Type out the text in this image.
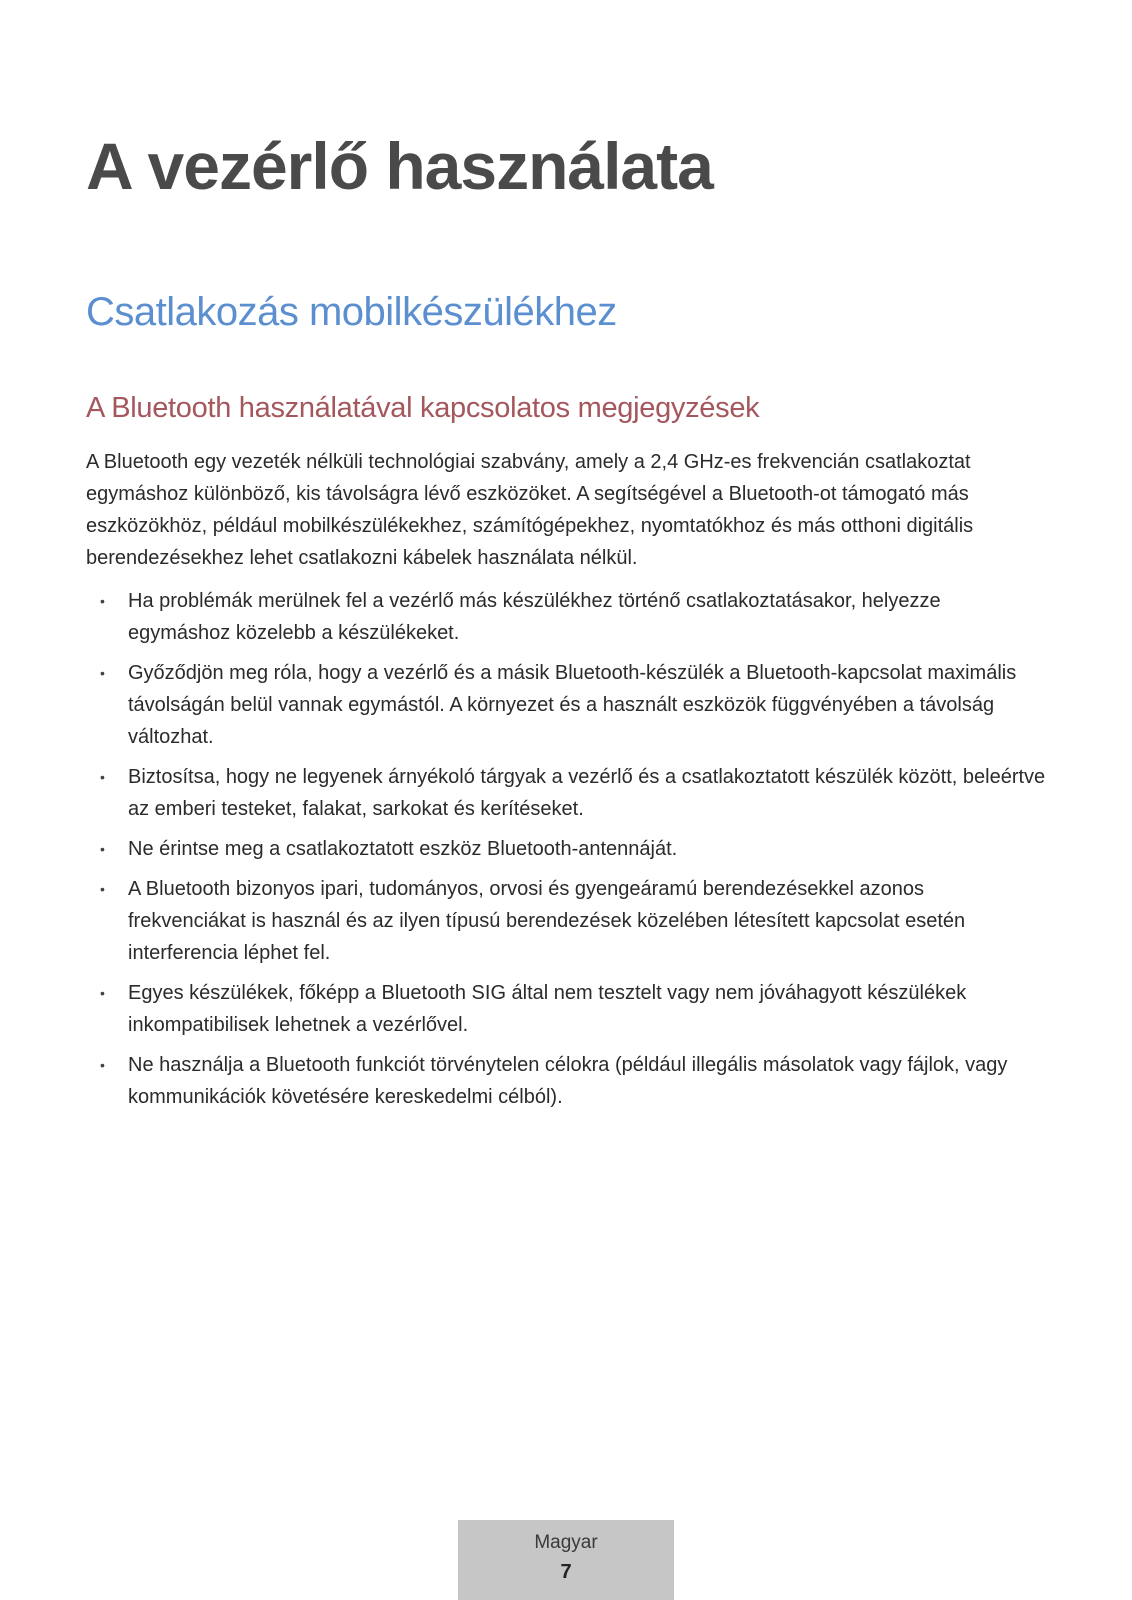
A vezérlő használata
Csatlakozás mobilkészülékhez
A Bluetooth használatával kapcsolatos megjegyzések

A Bluetooth egy vezeték nélküli technológiai szabvány, amely a 2,4 GHz-es frekvencián csatlakoztat egymáshoz különböző, kis távolságra lévő eszközöket. A segítségével a Bluetooth-ot támogató más eszközökhöz, például mobilkészülékekhez, számítógépekhez, nyomtatókhoz és más otthoni digitális berendezésekhez lehet csatlakozni kábelek használata nélkül.

• Ha problémák merülnek fel a vezérlő más készülékhez történő csatlakoztatásakor, helyezze egymáshoz közelebb a készülékeket.
• Győződjön meg róla, hogy a vezérlő és a másik Bluetooth-készülék a Bluetooth-kapcsolat maximális távolságán belül vannak egymástól. A környezet és a használt eszközök függvényében a távolság változhat.
• Biztosítsa, hogy ne legyenek árnyékoló tárgyak a vezérlő és a csatlakoztatott készülék között, beleértve az emberi testeket, falakat, sarkokat és kerítéseket.
• Ne érintse meg a csatlakoztatott eszköz Bluetooth-antennáját.
• A Bluetooth bizonyos ipari, tudományos, orvosi és gyengeáramú berendezésekkel azonos frekvenciákat is használ és az ilyen típusú berendezések közelében létesített kapcsolat esetén interferencia léphet fel.
• Egyes készülékek, főképp a Bluetooth SIG által nem tesztelt vagy nem jóváhagyott készülékek inkompatibilisek lehetnek a vezérlővel.
• Ne használja a Bluetooth funkciót törvénytelen célokra (például illegális másolatok vagy fájlok, vagy kommunikációk követésére kereskedelmi célból).
Magyar
7
